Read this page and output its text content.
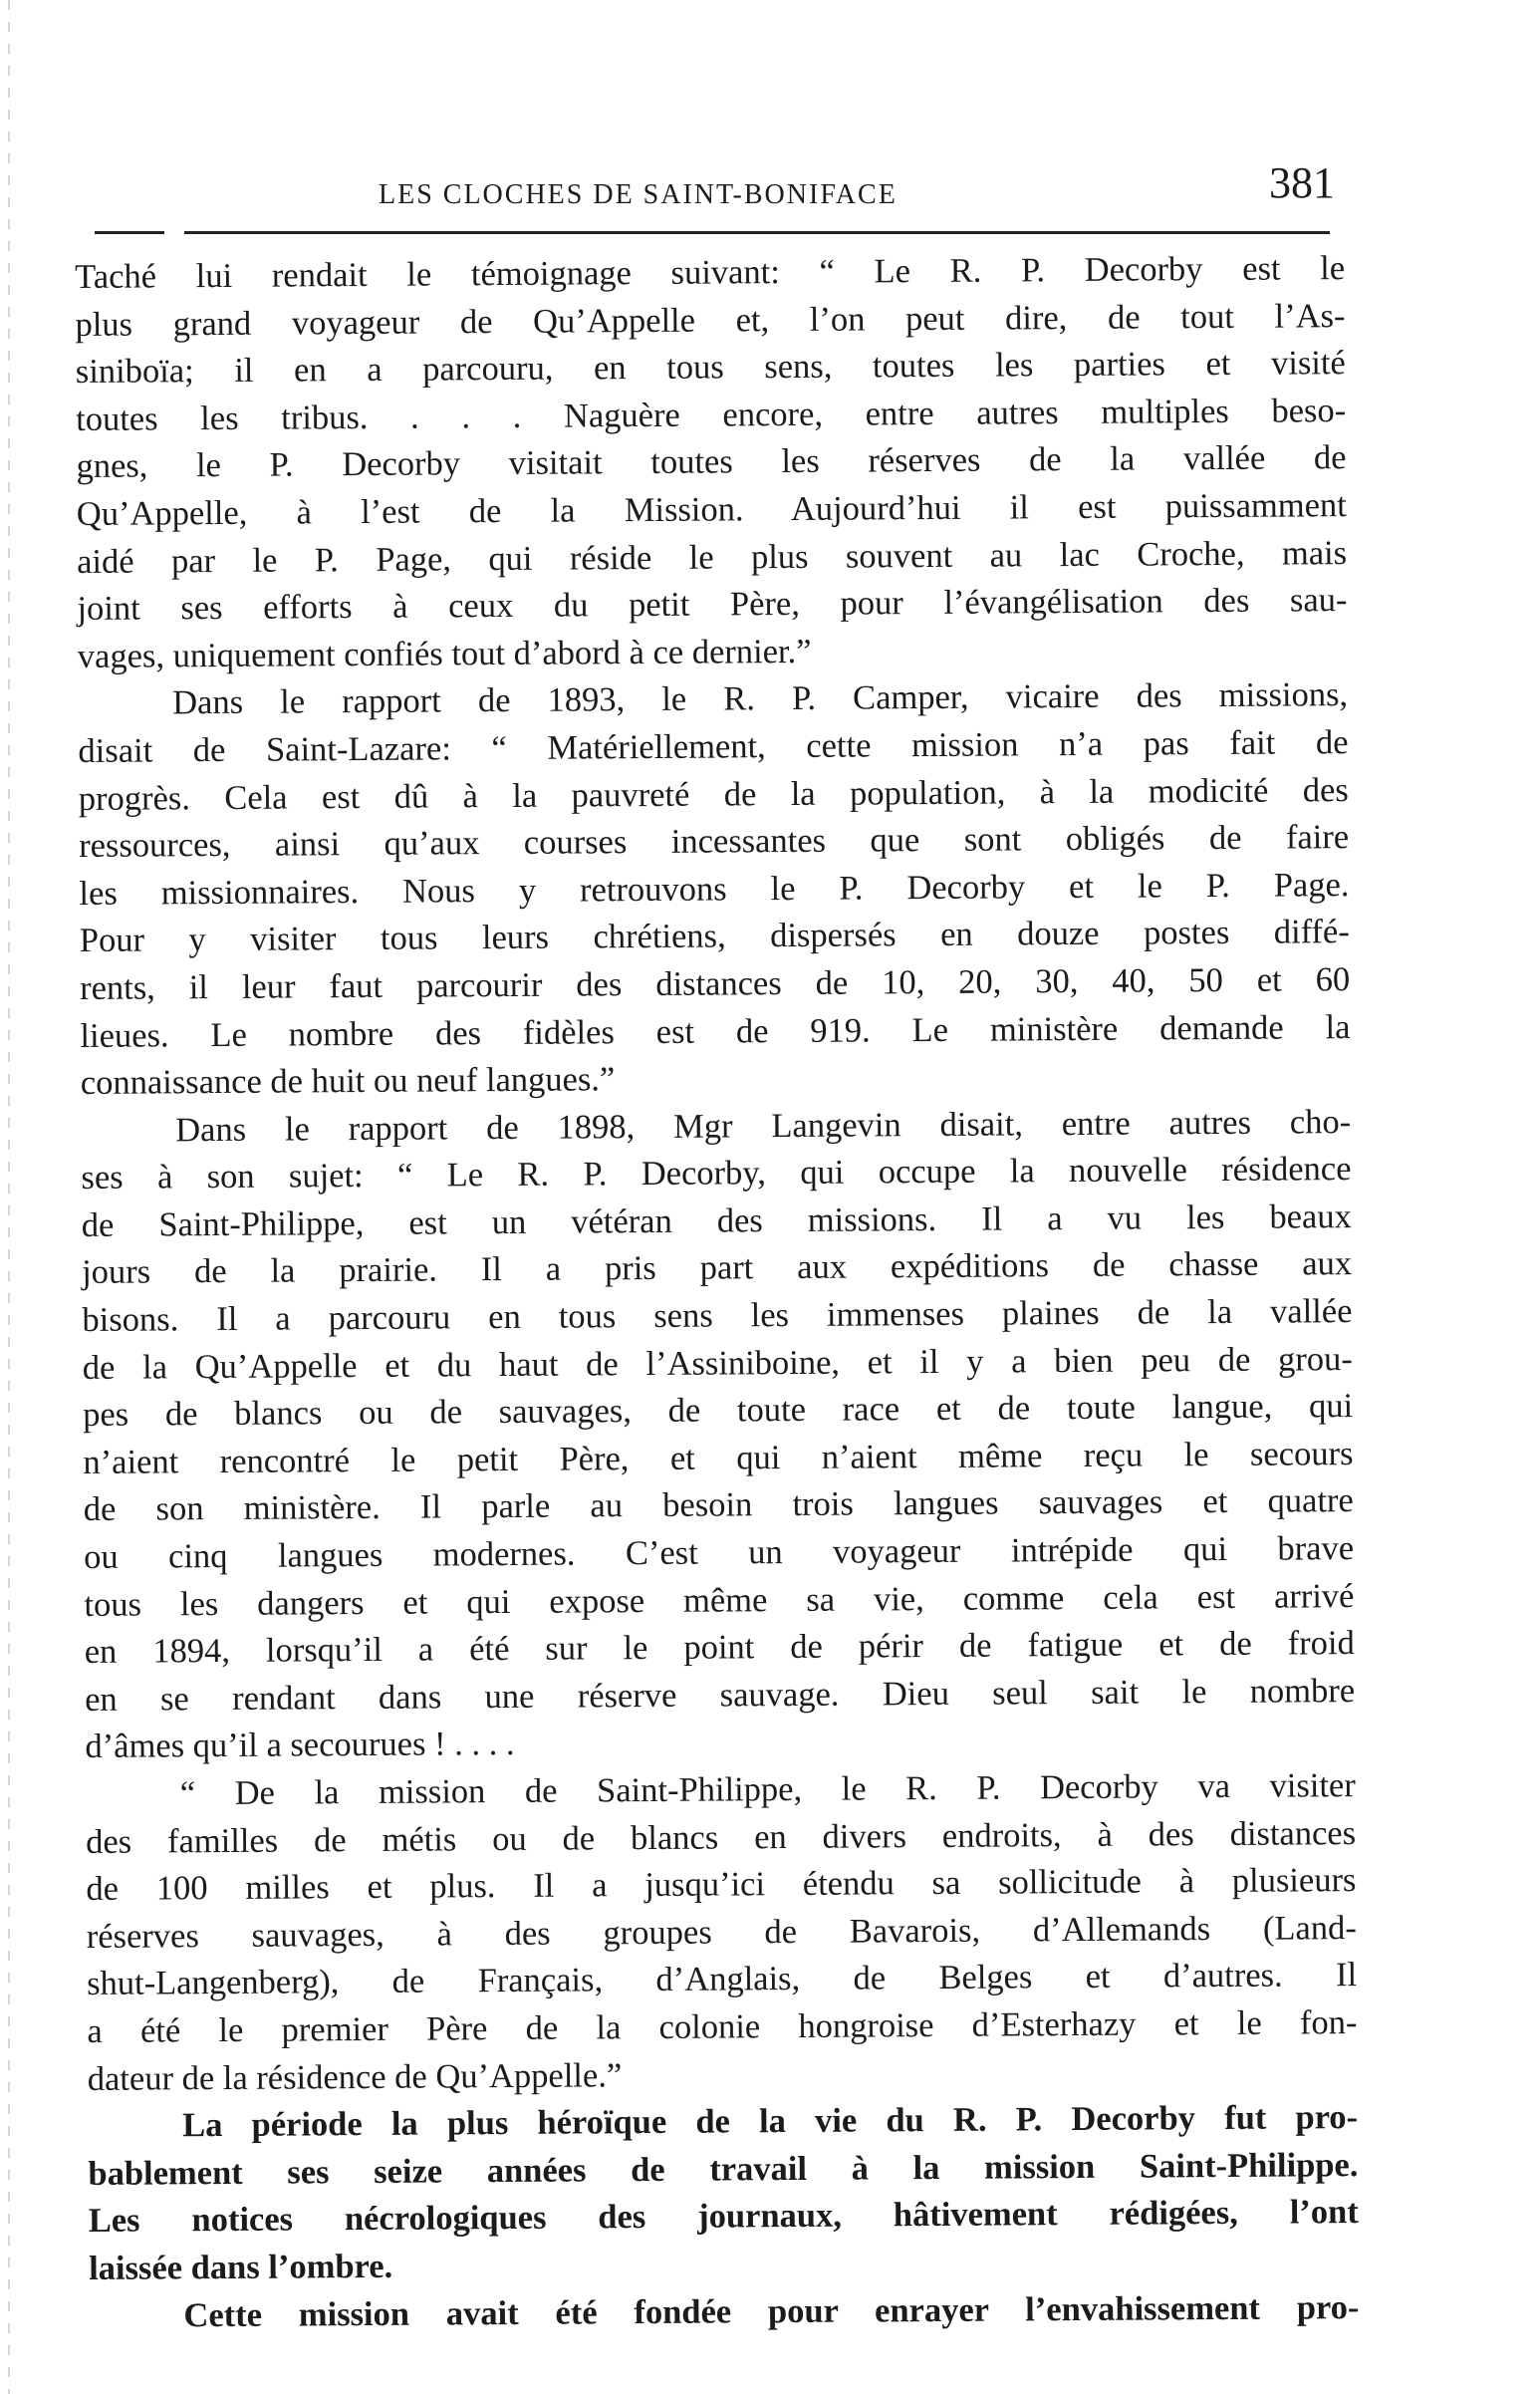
LES CLOCHES DE SAINT-BONIFACE	381
Taché lui rendait le témoignage suivant: “ Le R. P. Decorby est le
plus grand voyageur de Qu’Appelle et, l’on peut dire, de tout l’As-
siniboïa; il en a parcouru, en tous sens, toutes les parties et visité
toutes les tribus. . . . Naguère encore, entre autres multiples beso-
gnes, le P. Decorby visitait toutes les réserves de la vallée de
Qu’Appelle, à l’est de la Mission. Aujourd’hui il est puissamment
aidé par le P. Page, qui réside le plus souvent au lac Croche, mais
joint ses efforts à ceux du petit Père, pour l’évangélisation des sau-
vages, uniquement confiés tout d’abord à ce dernier.”
Dans le rapport de 1893, le R. P. Camper, vicaire des missions,
disait de Saint-Lazare: “ Matériellement, cette mission n’a pas fait de
progrès. Cela est dû à la pauvreté de la population, à la modicité des
ressources, ainsi qu’aux courses incessantes que sont obligés de faire
les missionnaires. Nous y retrouvons le P. Decorby et le P. Page.
Pour y visiter tous leurs chrétiens, dispersés en douze postes diffé-
rents, il leur faut parcourir des distances de 10, 20, 30, 40, 50 et 60
lieues. Le nombre des fidèles est de 919. Le ministère demande la
connaissance de huit ou neuf langues.”
Dans le rapport de 1898, Mgr Langevin disait, entre autres cho-
ses à son sujet: “ Le R. P. Decorby, qui occupe la nouvelle résidence
de Saint-Philippe, est un vétéran des missions. Il a vu les beaux
jours de la prairie. Il a pris part aux expéditions de chasse aux
bisons. Il a parcouru en tous sens les immenses plaines de la vallée
de la Qu’Appelle et du haut de l’Assiniboine, et il y a bien peu de grou-
pes de blancs ou de sauvages, de toute race et de toute langue, qui
n’aient rencontré le petit Père, et qui n’aient même reçu le secours
de son ministère. Il parle au besoin trois langues sauvages et quatre
ou cinq langues modernes. C’est un voyageur intrépide qui brave
tous les dangers et qui expose même sa vie, comme cela est arrivé
en 1894, lorsqu’il a été sur le point de périr de fatigue et de froid
en se rendant dans une réserve sauvage. Dieu seul sait le nombre
d’âmes qu’il a secourues ! . . . .
“ De la mission de Saint-Philippe, le R. P. Decorby va visiter
des familles de métis ou de blancs en divers endroits, à des distances
de 100 milles et plus. Il a jusqu’ici étendu sa sollicitude à plusieurs
réserves sauvages, à des groupes de Bavarois, d’Allemands (Land-
shut-Langenberg), de Français, d’Anglais, de Belges et d’autres. Il
a été le premier Père de la colonie hongroise d’Esterhazy et le fon-
dateur de la résidence de Qu’Appelle.”
La période la plus héroïque de la vie du R. P. Decorby fut pro-
bablement ses seize années de travail à la mission Saint-Philippe.
Les notices nécrologiques des journaux, hâtivement rédigées, l’ont
laissée dans l’ombre.
Cette mission avait été fondée pour enrayer l’envahissement pro-
